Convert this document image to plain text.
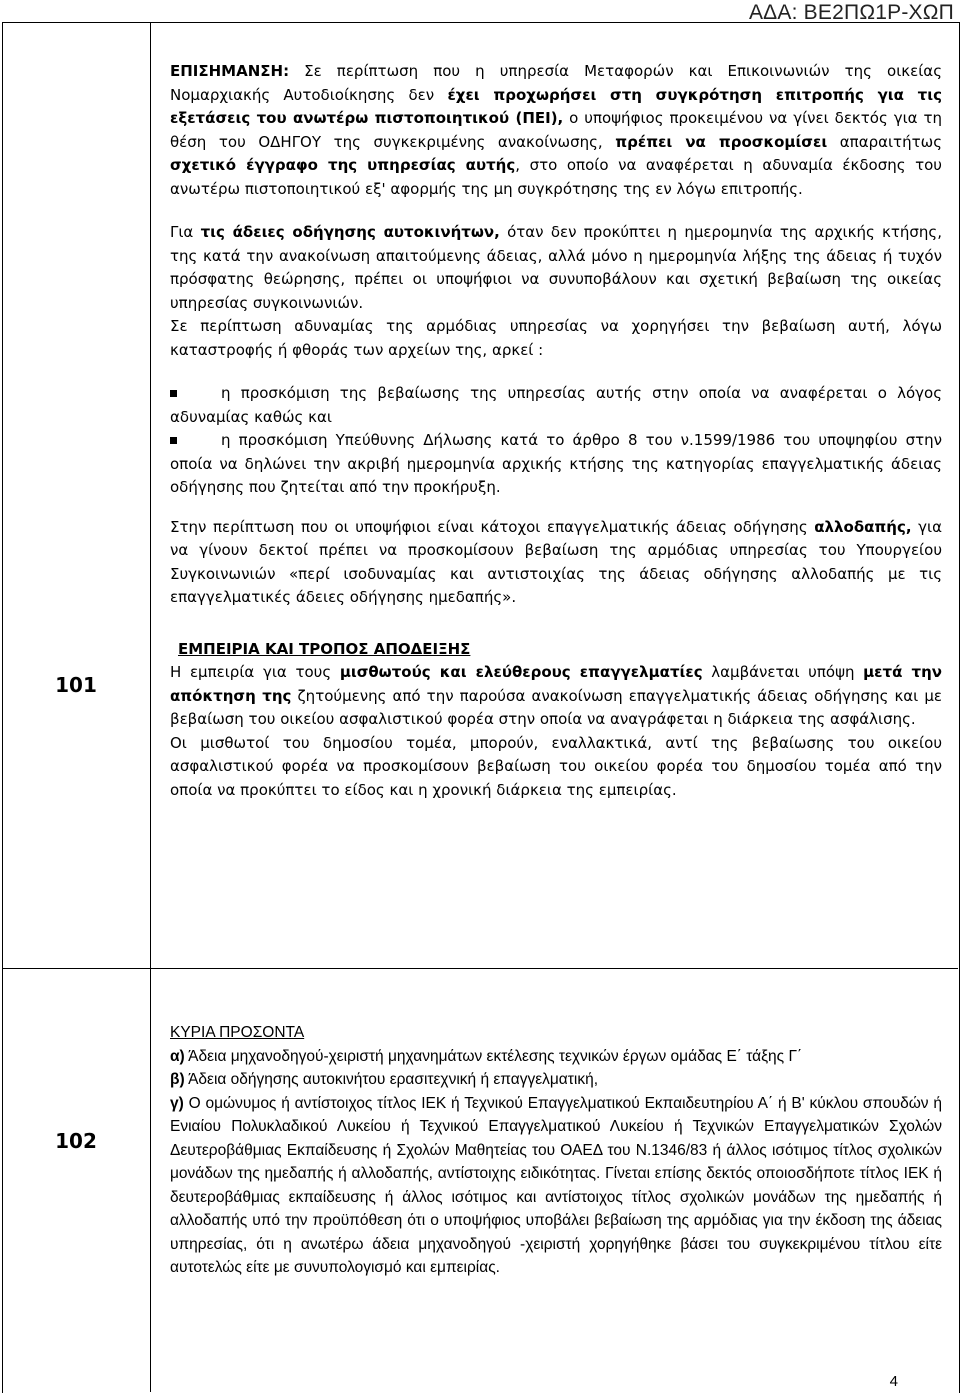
ΑΔΑ: ΒΕ2ΠΩ1Ρ-ΧΩΠ
101
102

ΕΠΙΣΗΜΑΝΣΗ: Σε περίπτωση που η υπηρεσία Μεταφορών και Επικοινωνιών της οικείας Νομαρχιακής Αυτοδιοίκησης δεν έχει προχωρήσει στη συγκρότηση επιτροπής για τις εξετάσεις του ανωτέρω πιστοποιητικού (ΠΕΙ), ο υποψήφιος προκειμένου να γίνει δεκτός για τη θέση του ΟΔΗΓΟΥ της συγκεκριμένης ανακοίνωσης, πρέπει να προσκομίσει απαραιτήτως σχετικό έγγραφο της υπηρεσίας αυτής, στο οποίο να αναφέρεται η αδυναμία έκδοσης του ανωτέρω πιστοποιητικού εξ' αφορμής της μη συγκρότησης της εν λόγω επιτροπής.

Για τις άδειες οδήγησης αυτοκινήτων, όταν δεν προκύπτει η ημερομηνία της αρχικής κτήσης, της κατά την ανακοίνωση απαιτούμενης άδειας, αλλά μόνο η ημερομηνία λήξης της άδειας ή τυχόν πρόσφατης θεώρησης, πρέπει οι υποψήφιοι να συνυποβάλουν και σχετική βεβαίωση της οικείας υπηρεσίας συγκοινωνιών.

Σε περίπτωση αδυναμίας της αρμόδιας υπηρεσίας να χορηγήσει την βεβαίωση αυτή, λόγω καταστροφής ή φθοράς των αρχείων της, αρκεί :

η προσκόμιση της βεβαίωσης της υπηρεσίας αυτής στην οποία να αναφέρεται ο λόγος αδυναμίας καθώς και

η προσκόμιση Υπεύθυνης Δήλωσης κατά το άρθρο 8 του ν.1599/1986 του υποψηφίου στην οποία να δηλώνει την ακριβή ημερομηνία αρχικής κτήσης της κατηγορίας επαγγελματικής άδειας οδήγησης που ζητείται από την προκήρυξη.

Στην περίπτωση που οι υποψήφιοι είναι κάτοχοι επαγγελματικής άδειας οδήγησης αλλοδαπής, για να γίνουν δεκτοί πρέπει να προσκομίσουν βεβαίωση της αρμόδιας υπηρεσίας του Υπουργείου Συγκοινωνιών «περί ισοδυναμίας και αντιστοιχίας της άδειας οδήγησης αλλοδαπής με τις επαγγελματικές άδειες οδήγησης ημεδαπής».

ΕΜΠΕΙΡΙΑ ΚΑΙ ΤΡΟΠΟΣ ΑΠΟΔΕΙΞΗΣ

Η εμπειρία για τους μισθωτούς και ελεύθερους επαγγελματίες λαμβάνεται υπόψη μετά την απόκτηση της ζητούμενης από την παρούσα ανακοίνωση επαγγελματικής άδειας οδήγησης και με βεβαίωση του οικείου ασφαλιστικού φορέα στην οποία να αναγράφεται η διάρκεια της ασφάλισης.

Οι μισθωτοί του δημοσίου τομέα, μπορούν, εναλλακτικά, αντί της βεβαίωσης του οικείου ασφαλιστικού φορέα να προσκομίσουν βεβαίωση του οικείου φορέα του δημοσίου τομέα από την οποία να προκύπτει το είδος και η χρονική διάρκεια της εμπειρίας.

ΚΥΡΙΑ ΠΡΟΣΟΝΤΑ

α) Άδεια μηχανοδηγού-χειριστή μηχανημάτων εκτέλεσης τεχνικών έργων ομάδας Ε΄ τάξης Γ΄

β) Άδεια οδήγησης αυτοκινήτου ερασιτεχνική ή επαγγελματική,

γ) Ο ομώνυμος ή αντίστοιχος τίτλος ΙΕΚ ή Τεχνικού Επαγγελματικού Εκπαιδευτηρίου Α΄ ή Β' κύκλου σπουδών ή Ενιαίου Πολυκλαδικού Λυκείου ή Τεχνικού Επαγγελματικού Λυκείου ή Τεχνικών Επαγγελματικών Σχολών Δευτεροβάθμιας Εκπαίδευσης ή Σχολών Μαθητείας του ΟΑΕΔ του Ν.1346/83 ή άλλος ισότιμος τίτλος σχολικών μονάδων της ημεδαπής ή αλλοδαπής, αντίστοιχης ειδικότητας. Γίνεται επίσης δεκτός οποιοσδήποτε τίτλος ΙΕΚ ή δευτεροβάθμιας εκπαίδευσης ή άλλος ισότιμος και αντίστοιχος τίτλος σχολικών μονάδων της ημεδαπής ή αλλοδαπής υπό την προϋπόθεση ότι ο υποψήφιος υποβάλει βεβαίωση της αρμόδιας για την έκδοση της άδειας υπηρεσίας, ότι η ανωτέρω άδεια μηχανοδηγού -χειριστή χορηγήθηκε βάσει του συγκεκριμένου τίτλου είτε αυτοτελώς είτε με συνυπολογισμό και εμπειρίας.

4
